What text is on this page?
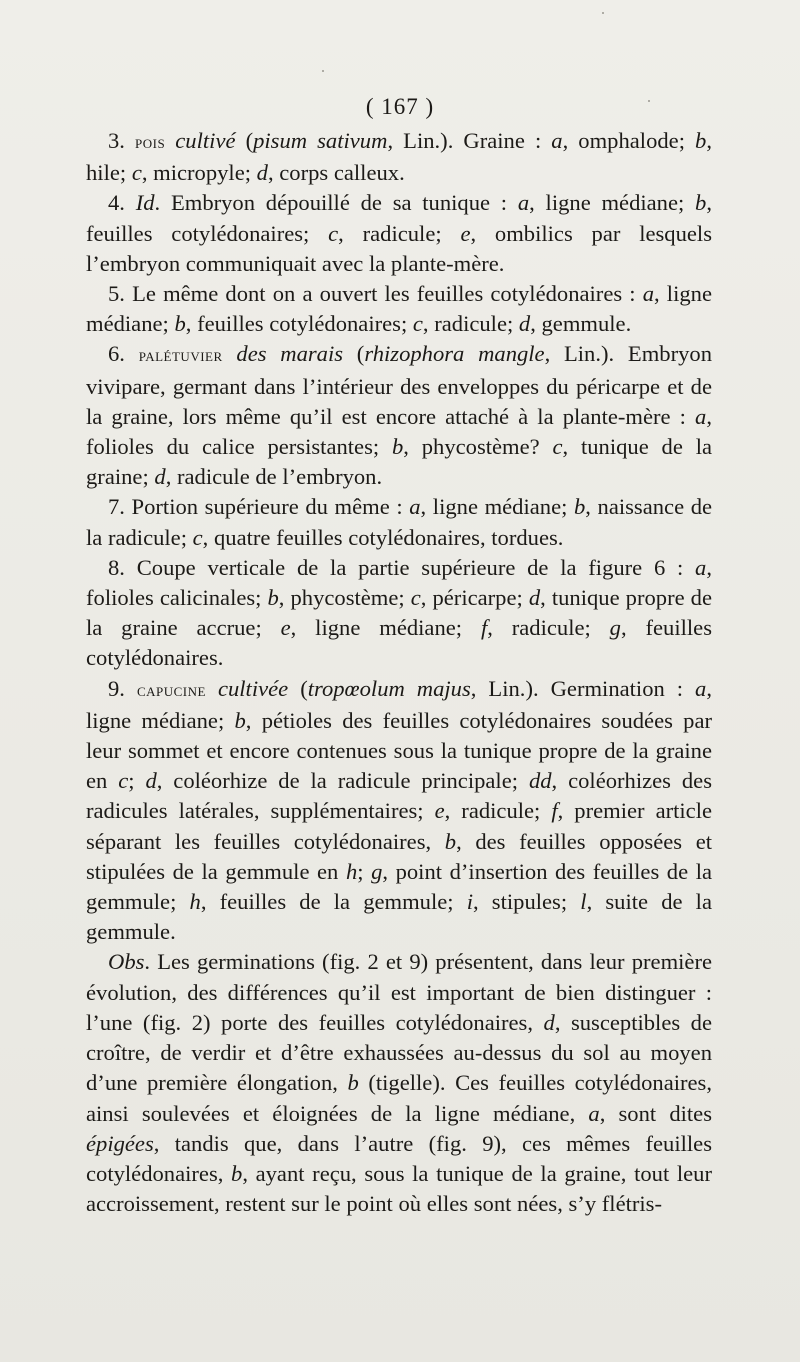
( 167 )

3. pois cultivé (pisum sativum, Lin.). Graine : a, omphalode; b, hile; c, micropyle; d, corps calleux.

4. Id. Embryon dépouillé de sa tunique : a, ligne médiane; b, feuilles cotylédonaires; c, radicule; e, ombilics par lesquels l’embryon communiquait avec la plante-mère.

5. Le même dont on a ouvert les feuilles cotylédonaires : a, ligne médiane; b, feuilles cotylédonaires; c, radicule; d, gemmule.

6. palétuvier des marais (rhizophora mangle, Lin.). Embryon vivipare, germant dans l’intérieur des enveloppes du péricarpe et de la graine, lors même qu’il est encore attaché à la plante-mère : a, folioles du calice persistantes; b, phycostème? c, tunique de la graine; d, radicule de l’embryon.

7. Portion supérieure du même : a, ligne médiane; b, naissance de la radicule; c, quatre feuilles cotylédonaires, tordues.

8. Coupe verticale de la partie supérieure de la figure 6 : a, folioles calicinales; b, phycostème; c, péricarpe; d, tunique propre de la graine accrue; e, ligne médiane; f, radicule; g, feuilles cotylédonaires.

9. capucine cultivée (tropœolum majus, Lin.). Germination : a, ligne médiane; b, pétioles des feuilles cotylédonaires soudées par leur sommet et encore contenues sous la tunique propre de la graine en c; d, coléorhize de la radicule principale; dd, coléorhizes des radicules latérales, supplémentaires; e, radicule; f, premier article séparant les feuilles cotylédonaires, b, des feuilles opposées et stipulées de la gemmule en h; g, point d’insertion des feuilles de la gemmule; h, feuilles de la gemmule; i, stipules; l, suite de la gemmule.

Obs. Les germinations (fig. 2 et 9) présentent, dans leur première évolution, des différences qu’il est important de bien distinguer : l’une (fig. 2) porte des feuilles cotylédonaires, d, susceptibles de croître, de verdir et d’être exhaussées au-dessus du sol au moyen d’une première élongation, b (tigelle). Ces feuilles cotylédonaires, ainsi soulevées et éloignées de la ligne médiane, a, sont dites épigées, tandis que, dans l’autre (fig. 9), ces mêmes feuilles cotylédonaires, b, ayant reçu, sous la tunique de la graine, tout leur accroissement, restent sur le point où elles sont nées, s’y flétris-
